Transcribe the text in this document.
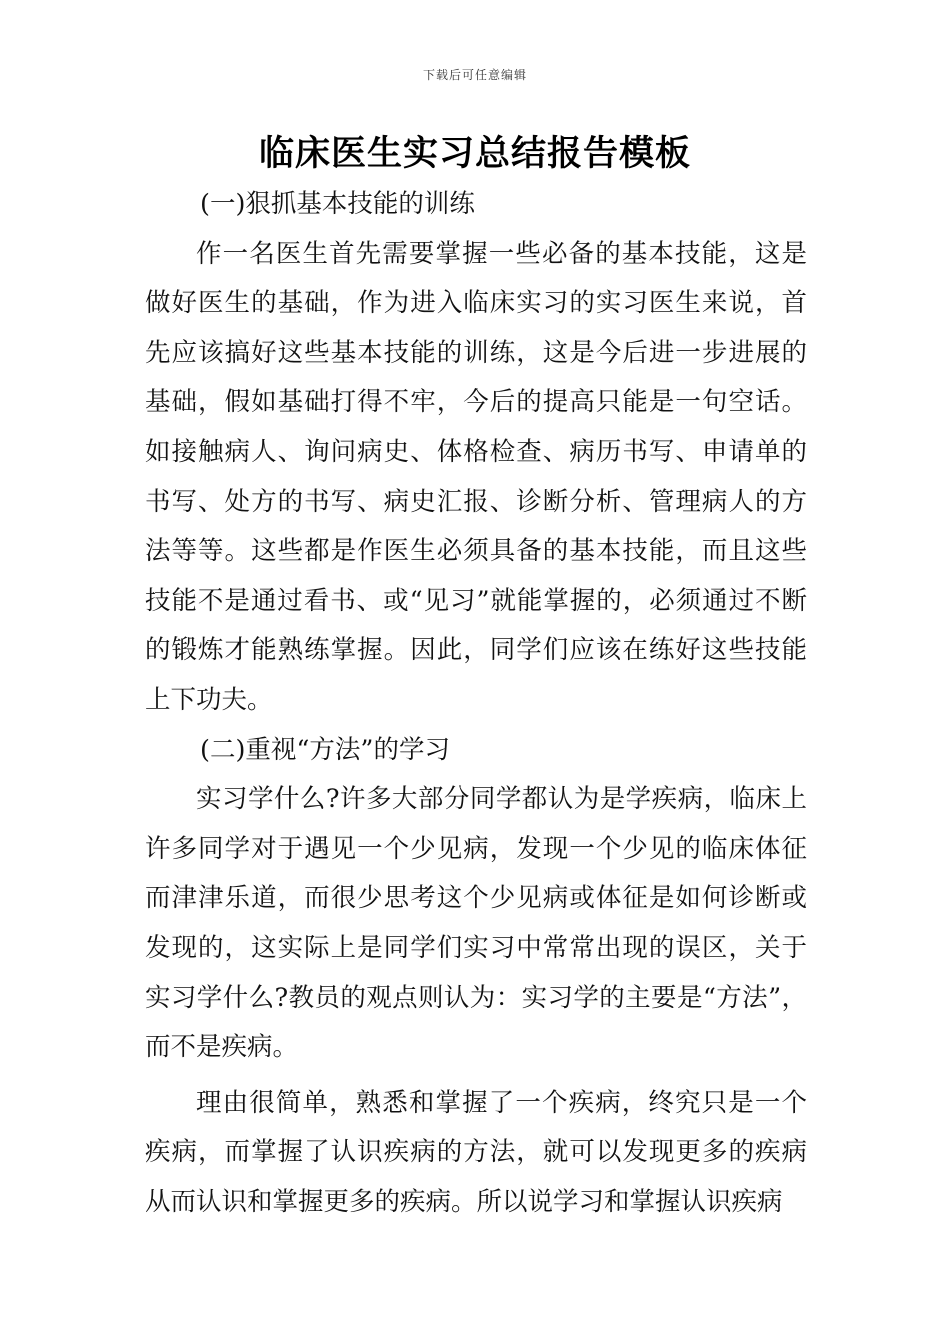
下载后可任意编辑
临床医生实习总结报告模板

(一)狠抓基本技能的训练

作一名医生首先需要掌握一些必备的基本技能，这是做好医生的基础，作为进入临床实习的实习医生来说，首先应该搞好这些基本技能的训练，这是今后进一步进展的基础，假如基础打得不牢，今后的提高只能是一句空话。如接触病人、询问病史、体格检查、病历书写、申请单的书写、处方的书写、病史汇报、诊断分析、管理病人的方法等等。这些都是作医生必须具备的基本技能，而且这些技能不是通过看书、或“见习”就能掌握的，必须通过不断的锻炼才能熟练掌握。因此，同学们应该在练好这些技能上下功夫。

(二)重视“方法”的学习

实习学什么?许多大部分同学都认为是学疾病，临床上许多同学对于遇见一个少见病，发现一个少见的临床体征而津津乐道，而很少思考这个少见病或体征是如何诊断或发现的，这实际上是同学们实习中常常出现的误区，关于实习学什么?教员的观点则认为：实习学的主要是“方法”，而不是疾病。

理由很简单，熟悉和掌握了一个疾病，终究只是一个疾病，而掌握了认识疾病的方法，就可以发现更多的疾病从而认识和掌握更多的疾病。所以说学习和掌握认识疾病
